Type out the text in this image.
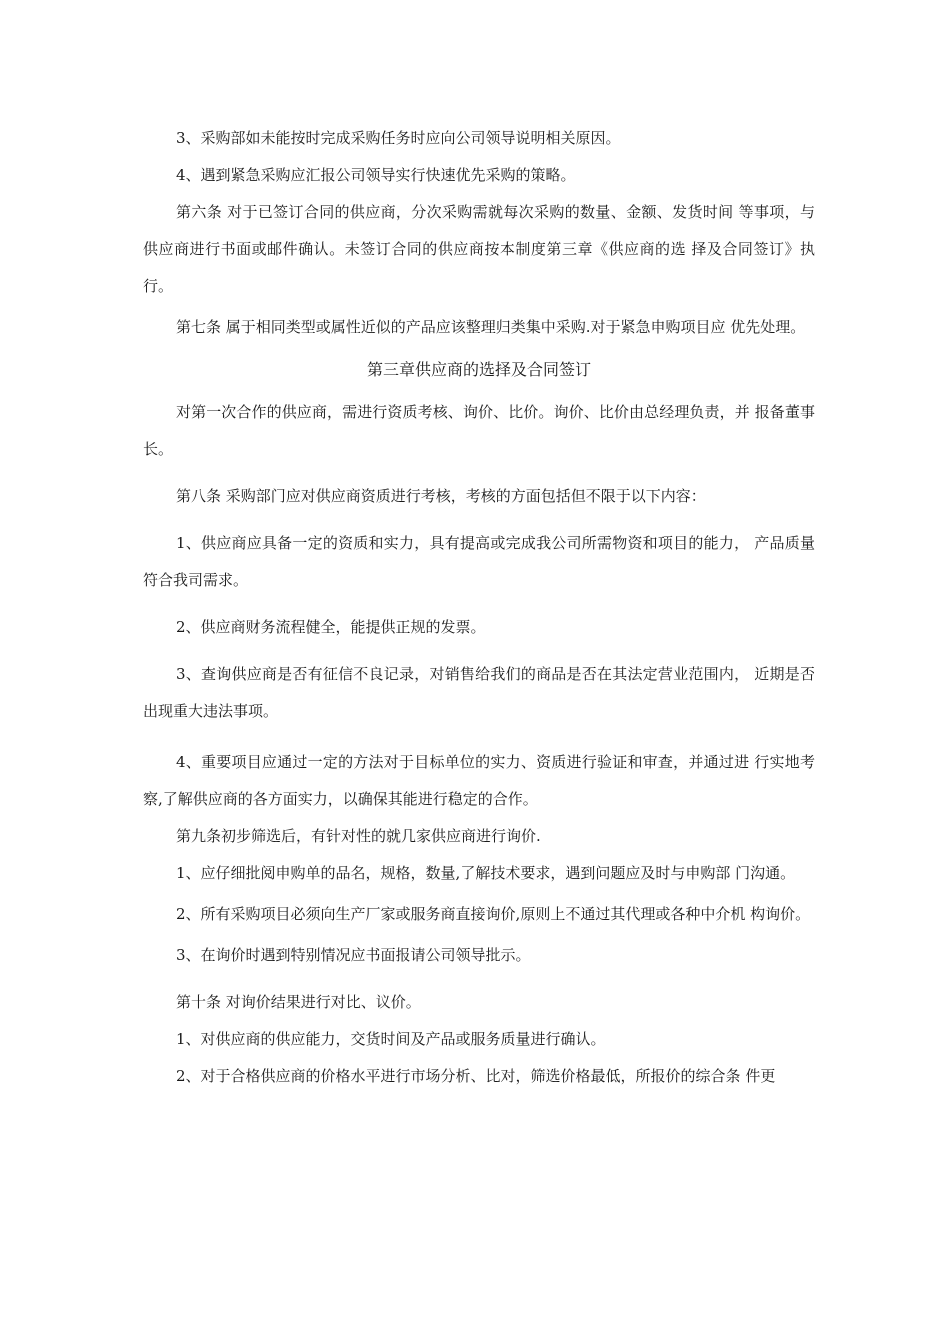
3、采购部如未能按时完成采购任务时应向公司领导说明相关原因。

4、遇到紧急采购应汇报公司领导实行快速优先采购的策略。

第六条 对于已签订合同的供应商，分次采购需就每次采购的数量、金额、发货时间 等事项，与供应商进行书面或邮件确认。未签订合同的供应商按本制度第三章《供应商的选 择及合同签订》执行。

第七条 属于相同类型或属性近似的产品应该整理归类集中采购.对于紧急申购项目应 优先处理。

第三章供应商的选择及合同签订

对第一次合作的供应商，需进行资质考核、询价、比价。询价、比价由总经理负责，并 报备董事长。

第八条 采购部门应对供应商资质进行考核，考核的方面包括但不限于以下内容：

1、供应商应具备一定的资质和实力，具有提高或完成我公司所需物资和项目的能力， 产品质量符合我司需求。

2、供应商财务流程健全，能提供正规的发票。

3、查询供应商是否有征信不良记录，对销售给我们的商品是否在其法定营业范围内， 近期是否出现重大违法事项。

4、重要项目应通过一定的方法对于目标单位的实力、资质进行验证和审查，并通过进 行实地考察,了解供应商的各方面实力，以确保其能进行稳定的合作。

第九条初步筛选后，有针对性的就几家供应商进行询价.

1、应仔细批阅申购单的品名，规格，数量,了解技术要求，遇到问题应及时与申购部 门沟通。

2、所有采购项目必须向生产厂家或服务商直接询价,原则上不通过其代理或各种中介机 构询价。

3、在询价时遇到特别情况应书面报请公司领导批示。

第十条 对询价结果进行对比、议价。

1、对供应商的供应能力，交货时间及产品或服务质量进行确认。

2、对于合格供应商的价格水平进行市场分析、比对，筛选价格最低，所报价的综合条 件更
